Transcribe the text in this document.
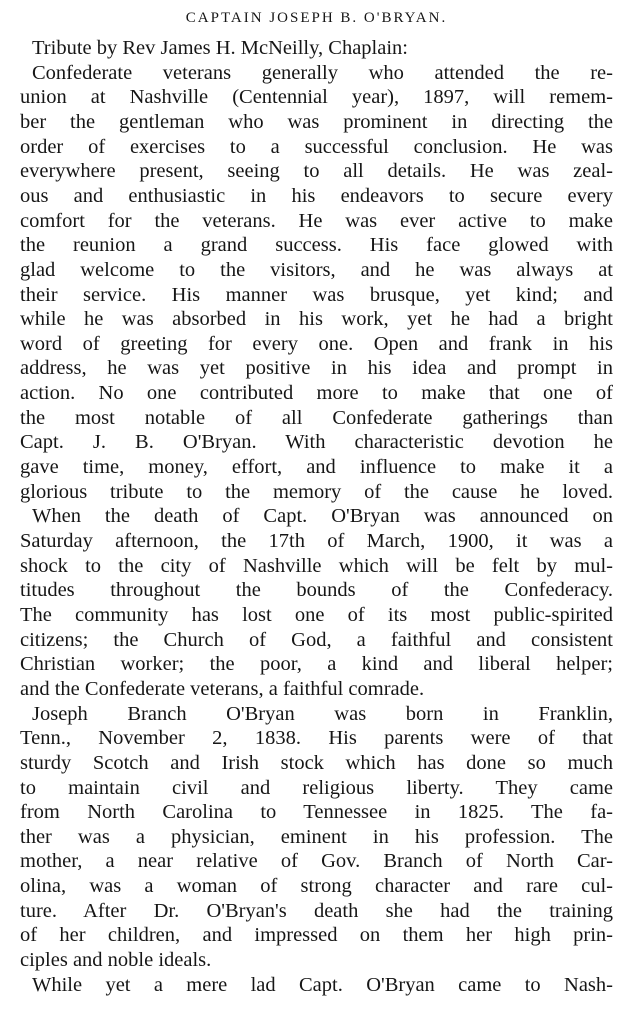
CAPTAIN JOSEPH B. O'BRYAN.
Tribute by Rev James H. McNeilly, Chaplain:
Confederate veterans generally who attended the re-
union at Nashville (Centennial year), 1897, will remem-
ber the gentleman who was prominent in directing the
order of exercises to a successful conclusion. He was
everywhere present, seeing to all details. He was zeal-
ous and enthusiastic in his endeavors to secure every
comfort for the veterans. He was ever active to make
the reunion a grand success. His face glowed with
glad welcome to the visitors, and he was always at
their service. His manner was brusque, yet kind; and
while he was absorbed in his work, yet he had a bright
word of greeting for every one. Open and frank in his
address, he was yet positive in his idea and prompt in
action. No one contributed more to make that one of
the most notable of all Confederate gatherings than
Capt. J. B. O'Bryan. With characteristic devotion he
gave time, money, effort, and influence to make it a
glorious tribute to the memory of the cause he loved.
When the death of Capt. O'Bryan was announced on
Saturday afternoon, the 17th of March, 1900, it was a
shock to the city of Nashville which will be felt by mul-
titudes throughout the bounds of the Confederacy.
The community has lost one of its most public-spirited
citizens; the Church of God, a faithful and consistent
Christian worker; the poor, a kind and liberal helper;
and the Confederate veterans, a faithful comrade.
Joseph Branch O'Bryan was born in Franklin,
Tenn., November 2, 1838. His parents were of that
sturdy Scotch and Irish stock which has done so much
to maintain civil and religious liberty. They came
from North Carolina to Tennessee in 1825. The fa-
ther was a physician, eminent in his profession. The
mother, a near relative of Gov. Branch of North Car-
olina, was a woman of strong character and rare cul-
ture. After Dr. O'Bryan's death she had the training
of her children, and impressed on them her high prin-
ciples and noble ideals.
While yet a mere lad Capt. O'Bryan came to Nash-
